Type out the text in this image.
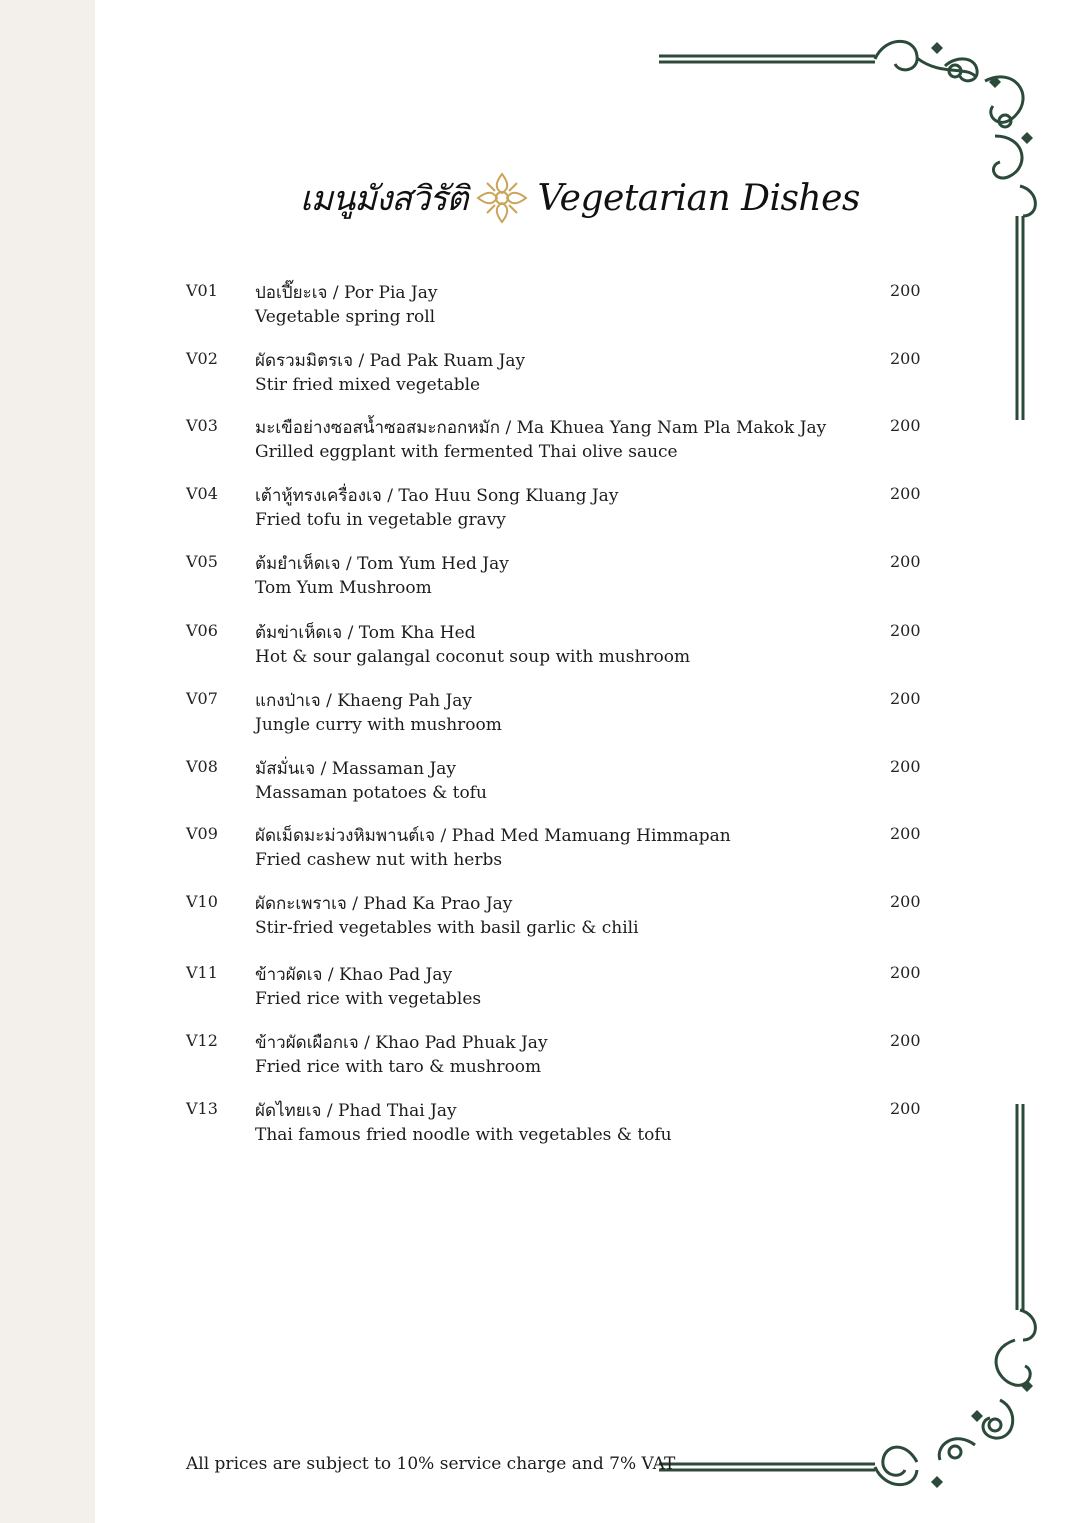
เมนูมังสวิรัติ Vegetarian Dishes
V01 ปอเปี๊ยะเจ / Por Pia Jay
Vegetable spring roll
200
V02 ผัดรวมมิตรเจ / Pad Pak Ruam Jay
Stir fried mixed vegetable
200
V03 มะเขือย่างซอสน้ำซอสมะกอกหมัก / Ma Khuea Yang Nam Pla Makok Jay
Grilled eggplant with fermented Thai olive sauce
200
V04 เต้าหู้ทรงเครื่องเจ / Tao Huu Song Kluang Jay
Fried tofu in vegetable gravy
200
V05 ต้มยำเห็ดเจ / Tom Yum Hed Jay
Tom Yum Mushroom
200
V06 ต้มข่าเห็ดเจ / Tom Kha Hed
Hot & sour galangal coconut soup with mushroom
200
V07 แกงป่าเจ / Khaeng Pah Jay
Jungle curry with mushroom
200
V08 มัสมั่นเจ / Massaman Jay
Massaman potatoes & tofu
200
V09 ผัดเม็ดมะม่วงหิมพานต์เจ / Phad Med Mamuang Himmapan
Fried cashew nut with herbs
200
V10 ผัดกะเพราเจ / Phad Ka Prao Jay
Stir-fried vegetables with basil garlic & chili
200
V11 ข้าวผัดเจ / Khao Pad Jay
Fried rice with vegetables
200
V12 ข้าวผัดเผือกเจ / Khao Pad Phuak Jay
Fried rice with taro & mushroom
200
V13 ผัดไทยเจ / Phad Thai Jay
Thai famous fried noodle with vegetables & tofu
200
All prices are subject to 10% service charge and 7% VAT
